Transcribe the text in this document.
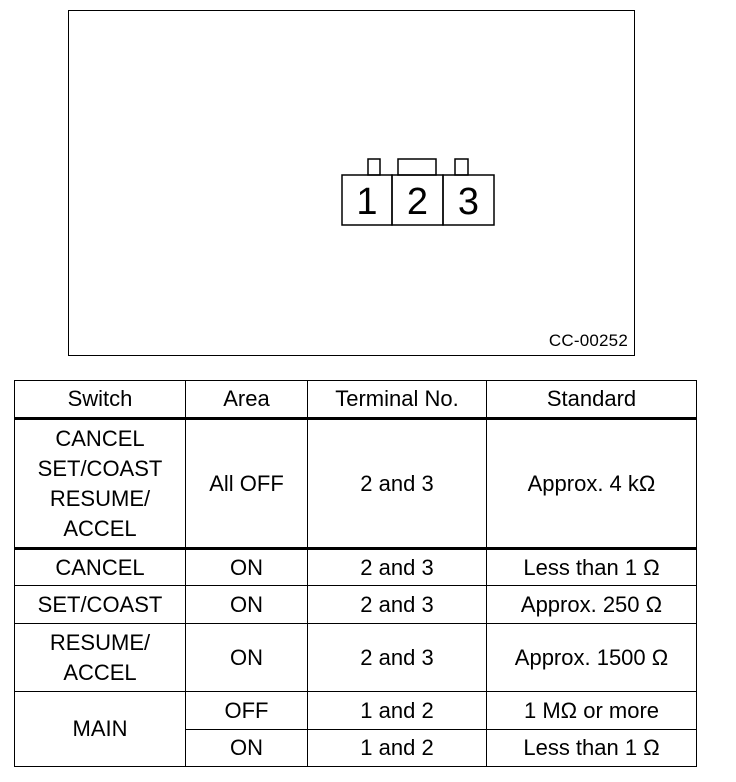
1 2 3
CC-00252
Switch	Area	Terminal No.	Standard

CANCEL
SET/COAST
RESUME/
ACCEL	All OFF	2 and 3	Approx. 4 kΩ
CANCEL	ON	2 and 3	Less than 1 Ω
SET/COAST	ON	2 and 3	Approx. 250 Ω

RESUME/
ACCEL	ON	2 and 3	Approx. 1500 Ω
MAIN	OFF	1 and 2	1 MΩ or more
	ON	1 and 2	Less than 1 Ω
